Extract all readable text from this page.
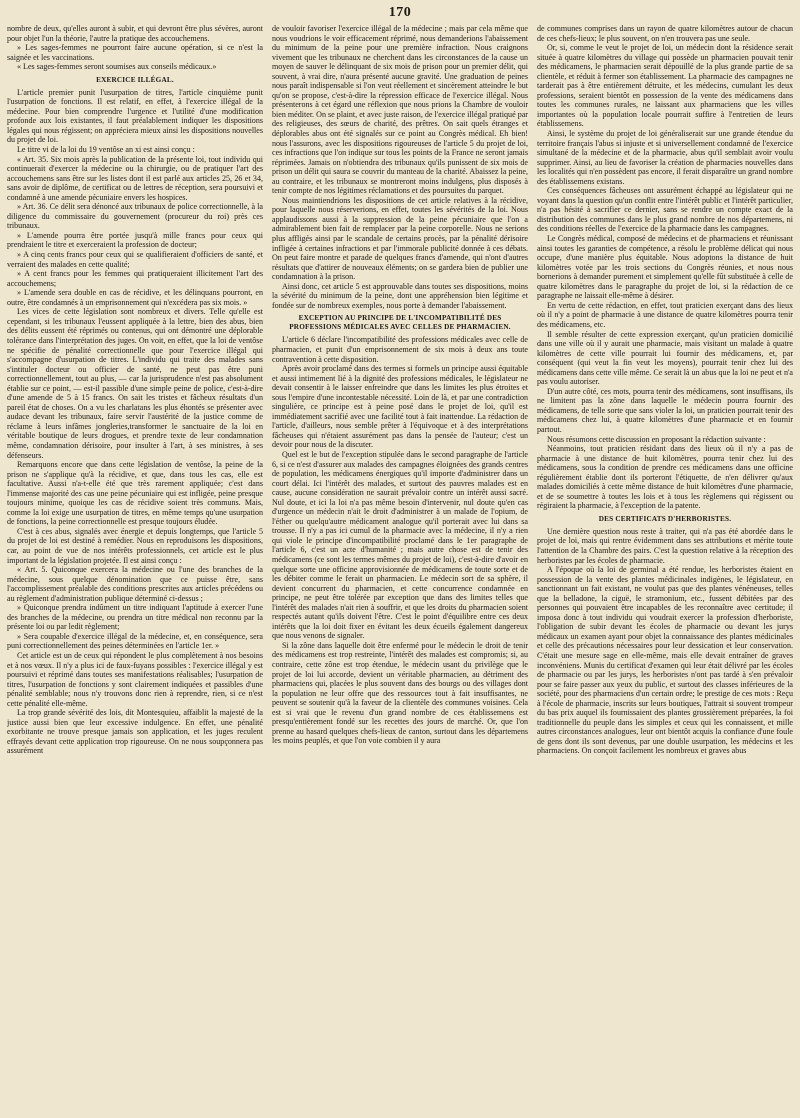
170

nombre de deux, qu'elles auront à subir, et qui devront être plus sévères, auront pour objet l'un la théorie, l'autre la pratique des accouchemens.

» Les sages-femmes ne pourront faire aucune opération, si ce n'est la saignée et les vaccinations.

« Les sages-femmes seront soumises aux conseils médicaux.»

EXERCICE ILLÉGAL.

L'article premier punit l'usurpation de titres, l'article cinquième punit l'usurpation de fonctions. Il est relatif, en effet, à l'exercice illégal de la médecine. Pour bien comprendre l'urgence et l'utilité d'une modification profonde aux lois existantes, il faut préalablement indiquer les dispositions légales qui nous régissent; on appréciera mieux ainsi les dispositions nouvelles du projet de loi.

Le titre vi de la loi du 19 ventôse an xi est ainsi conçu :

« Art. 35. Six mois après la publication de la présente loi, tout individu qui continuerait d'exercer la médecine ou la chirurgie, ou de pratiquer l'art des accouchemens sans être sur les listes dont il est parlé aux articles 25, 26 et 34, sans avoir de diplôme, de certificat ou de lettres de réception, sera poursuivi et condamné à une amende pécuniaire envers les hospices.

» Art. 36. Ce délit sera dénoncé aux tribunaux de police correctionnelle, à la diligence du commissaire du gouvernement (procureur du roi) près ces tribunaux.

» L'amende pourra être portée jusqu'à mille francs pour ceux qui prendraient le titre et exerceraient la profession de docteur;

» A cinq cents francs pour ceux qui se qualifieraient d'officiers de santé, et verraient des malades en cette qualité;

» A cent francs pour les femmes qui pratiqueraient illicitement l'art des accouchemens;

» L'amende sera double en cas de récidive, et les délinquans pourront, en outre, être condamnés à un emprisonnement qui n'excédera pas six mois. »

Les vices de cette législation sont nombreux et divers. Telle qu'elle est cependant, si les tribunaux l'eussent appliquée à la lettre, bien des abus, bien des délits eussent été réprimés ou contenus, qui ont démontré une déplorable tolérance dans l'interprétation des juges. On voit, en effet, que la loi de ventôse ne spécifie de pénalité correctionnelle que pour l'exercice illégal qui s'accompagne d'usurpation de titres. L'individu qui traite des malades sans s'intituler docteur ou officier de santé, ne peut pas être puni correctionnellement, tout au plus, — car la jurisprudence n'est pas absolument établie sur ce point, — est-il passible d'une simple peine de police, c'est-à-dire d'une amende de 5 à 15 francs. On sait les tristes et fâcheux résultats d'un pareil état de choses. On a vu les charlatans les plus éhontés se présenter avec audace devant les tribunaux, faire servir l'austérité de la justice comme de réclame à leurs infâmes jongleries,transformer le sanctuaire de la loi en véritable boutique de leurs drogues, et prendre texte de leur condamnation même, condamnation dérisoire, pour insulter à l'art, à ses ministres, à ses défenseurs.

Remarquons encore que dans cette législation de ventôse, la peine de la prison ne s'applique qu'à la récidive, et que, dans tous les cas, elle est facultative. Aussi n'a-t-elle été que très rarement appliquée; c'est dans l'immense majorité des cas une peine pécuniaire qui est infligée, peine presque toujours minime, quoique les cas de récidive soient très communs. Mais, comme la loi exige une usurpation de titres, en même temps qu'une usurpation de fonctions, la peine correctionnelle est presque toujours éludée.

C'est à ces abus, signalés avec énergie et depuis longtemps, que l'article 5 du projet de loi est destiné à remédier. Nous en reproduisons les dispositions, car, au point de vue de nos intérêts professionnels, cet article est le plus important de la législation projetée. Il est ainsi conçu :

« Art. 5. Quiconque exercera la médecine ou l'une des branches de la médecine, sous quelque dénomination que ce puisse être, sans l'accomplissement préalable des conditions prescrites aux articles précédens ou au règlement d'administration publique déterminé ci-dessus ;

» Quiconque prendra indûment un titre indiquant l'aptitude à exercer l'une des branches de la médecine, ou prendra un titre médical non reconnu par la présente loi ou par ledit règlement;

» Sera coupable d'exercice illégal de la médecine, et, en conséquence, sera puni correctionnellement des peines déterminées en l'article 1er. »

Cet article est un de ceux qui répondent le plus complètement à nos besoins et à nos vœux. Il n'y a plus ici de faux-fuyans possibles : l'exercice illégal y est poursuivi et réprimé dans toutes ses manifestations réalisables; l'usurpation de titres, l'usurpation de fonctions y sont clairement indiquées et passibles d'une pénalité semblable; nous n'y trouvons donc rien à reprendre, rien, si ce n'est cette pénalité elle-même.

La trop grande sévérité des lois, dit Montesquieu, affaiblit la majesté de la justice aussi bien que leur excessive indulgence. En effet, une pénalité exorbitante ne trouve presque jamais son application, et les juges reculent effrayés devant cette application trop rigoureuse. On ne nous soupçonnera pas assurément

de vouloir favoriser l'exercice illégal de la médecine ; mais par cela même que nous voudrions le voir efficacement réprimé, nous demanderions l'abaissement du minimum de la peine pour une première infraction. Nous craignons vivement que les tribunaux ne cherchent dans les circonstances de la cause un moyen de sauver le délinquant de six mois de prison pour un premier délit, qui souvent, à vrai dire, n'aura présenté aucune gravité. Une graduation de peines nous paraît indispensable si l'on veut réellement et sincèrement atteindre le but qu'on se propose, c'est-à-dire la répression efficace de l'exercice illégal. Nous présenterons à cet égard une réflexion que nous prions la Chambre de vouloir bien méditer. On se plaint, et avec juste raison, de l'exercice illégal pratiqué par des religieuses, des sœurs de charité, des prêtres. On sait quels étranges et déplorables abus ont été signalés sur ce point au Congrès médical. Eh bien! nous l'assurons, avec les dispositions rigoureuses de l'article 5 du projet de loi, ces infractions que l'on indique sur tous les points de la France ne seront jamais réprimées. Jamais on n'obtiendra des tribunaux qu'ils punissent de six mois de prison un délit qui saura se couvrir du manteau de la charité. Abaissez la peine, au contraire, et les tribunaux se montreront moins indulgens, plus disposés à tenir compte de nos légitimes réclamations et des poursuites du parquet.

Nous maintiendrions les dispositions de cet article relatives à la récidive, pour laquelle nous réserverions, en effet, toutes les sévérités de la loi. Nous applaudissons aussi à la suppression de la peine pécuniaire que l'on a admirablement bien fait de remplacer par la peine corporelle. Nous ne serions plus affligés ainsi par le scandale de certains procès, par la pénalité dérisoire infligée à certaines infractions et par l'immorale publicité donnée à ces débats. On peut faire montre et parade de quelques francs d'amende, qui n'ont d'autres résultats que d'attirer de nouveaux éléments; on se gardera bien de publier une condamnation à la prison.

Ainsi donc, cet article 5 est approuvable dans toutes ses dispositions, moins la sévérité du minimum de la peine, dont une appréhension bien légitime et fondée sur de nombreux exemples, nous porte à demander l'abaissement.

EXCEPTION AU PRINCIPE DE L'INCOMPATIBILITÉ DES PROFESSIONS MÉDICALES AVEC CELLES DE PHARMACIEN.

L'article 6 déclare l'incompatibilité des professions médicales avec celle de pharmacien, et punit d'un emprisonnement de six mois à deux ans toute contravention à cette disposition.

Après avoir proclamé dans des termes si formels un principe aussi équitable et aussi intimement lié à la dignité des professions médicales, le législateur ne devait consentir à le laisser enfreindre que dans les limites les plus étroites et sous l'empire d'une incontestable nécessité. Loin de là, et par une contradiction singulière, ce principe est à peine posé dans le projet de loi, qu'il est immédiatement sacrifié avec une facilité tout à fait inattendue. La rédaction de l'article, d'ailleurs, nous semble prêter à l'équivoque et à des interprétations fâcheuses qui n'étaient assurément pas dans la pensée de l'auteur; c'est un devoir pour nous de la discuter.

Quel est le but de l'exception stipulée dans le second paragraphe de l'article 6, si ce n'est d'assurer aux malades des campagnes éloignées des grands centres de population, les médicamens énergiques qu'il importe d'administrer dans un court délai. Ici l'intérêt des malades, et surtout des pauvres malades est en cause, aucune considération ne saurait prévaloir contre un intérêt aussi sacré. Nul doute, et ici la loi n'a pas même besoin d'intervenir, nul doute qu'en cas d'urgence un médecin n'ait le droit d'administrer à un malade de l'opium, de l'éther ou quelqu'autre médicament analogue qu'il porterait avec lui dans sa trousse. Il n'y a pas ici cumul de la pharmacie avec la médecine, il n'y a rien qui viole le principe d'incompatibilité proclamé dans le 1er paragraphe de l'article 6, c'est un acte d'humanité ; mais autre chose est de tenir des médicamens (ce sont les termes mêmes du projet de loi), c'est-à-dire d'avoir en quelque sorte une officine approvisionnée de médicamens de toute sorte et de les débiter comme le ferait un pharmacien. Le médecin sort de sa sphère, il devient concurrent du pharmacien, et cette concurrence condamnée en principe, ne peut être tolérée par exception que dans des limites telles que l'intérêt des malades n'ait rien à souffrir, et que les droits du pharmacien soient respectés autant qu'ils doivent l'être. C'est le point d'équilibre entre ces deux intérêts que la loi doit fixer en évitant les deux écueils également dangereux que nous venons de signaler.

Si la zône dans laquelle doit être enfermé pour le médecin le droit de tenir des médicamens est trop restreinte, l'intérêt des malades est compromis; si, au contraire, cette zône est trop étendue, le médecin usant du privilège que le projet de loi lui accorde, devient un véritable pharmacien, au détriment des pharmaciens qui, placées le plus souvent dans des bourgs ou des villages dont la population ne leur offre que des ressources tout à fait insuffisantes, ne peuvent se soutenir qu'à la faveur de la clientèle des communes voisines. Cela est si vrai que le revenu d'un grand nombre de ces établissemens est presqu'entièrement fondé sur les recettes des jours de marché. Or, que l'on prenne au hasard quelques chefs-lieux de canton, surtout dans les départemens les moins peuplés, et que l'on voie combien il y aura

de communes comprises dans un rayon de quatre kilomètres autour de chacun de ces chefs-lieux; le plus souvent, on n'en trouvera pas une seule.

Or, si, comme le veut le projet de loi, un médecin dont la résidence serait située à quatre kilomètres du village qui possède un pharmacien pouvait tenir des médicamens, le pharmacien serait dépouillé de la plus grande partie de sa clientèle, et réduit à fermer son établissement. La pharmacie des campagnes ne tarderait pas à être entièrement détruite, et les médecins, cumulant les deux professions, seraient bientôt en possession de la vente des médicamens dans toutes les communes rurales, ne laissant aux pharmaciens que les villes importantes où la population locale pourrait suffire à l'entretien de leurs établissemens.

Ainsi, le système du projet de loi généraliserait sur une grande étendue du territoire français l'abus si injuste et si universellement condamné de l'exercice simultané de la médecine et de la pharmacie, abus qu'il semblait avoir voulu supprimer. Ainsi, au lieu de favoriser la création de pharmacies nouvelles dans les localités qui n'en possèdent pas encore, il ferait disparaître un grand nombre des établissemens existans.

Ces conséquences fâcheuses ont assurément échappé au législateur qui ne voyant dans la question qu'un conflit entre l'intérêt public et l'intérêt particulier, n'a pas hésité à sacrifier ce dernier, sans se rendre un compte exact de la distribution des communes dans le plus grand nombre de nos départemens, ni des conditions réelles de l'exercice de la pharmacie dans les campagnes.

Le Congrès médical, composé de médecins et de pharmaciens et réunissant ainsi toutes les garanties de compétence, a résolu le problème délicat qui nous occupe, d'une manière plus équitable. Nous adoptons la distance de huit kilomètres votée par les trois sections du Congrès réunies, et nous nous bornerions à demander purement et simplement qu'elle fût substituée à celle de quatre kilomètres dans le paragraphe du projet de loi, si la rédaction de ce paragraphe ne laissait elle-même à désirer.

En vertu de cette rédaction, en effet, tout praticien exerçant dans des lieux où il n'y a point de pharmacie à une distance de quatre kilomètres pourra tenir des médicamens, etc.

Il semble résulter de cette expression exerçant, qu'un praticien domicilié dans une ville où il y aurait une pharmacie, mais visitant un malade à quatre kilomètres de cette ville pourrait lui fournir des médicamens, et, par conséquent (qui veut la fin veut les moyens), pourrait tenir chez lui des médicamens dans cette ville même. Ce serait là un abus que la loi ne peut et n'a pas voulu autoriser.

D'un autre côté, ces mots, pourra tenir des médicamens, sont insuffisans, ils ne limitent pas la zône dans laquelle le médecin pourra fournir des médicamens, de telle sorte que sans violer la loi, un praticien pourrait tenir des médicamens chez lui, à quatre kilomètres d'une pharmacie et en fournir partout.

Nous résumons cette discussion en proposant la rédaction suivante :

Néanmoins, tout praticien résidant dans des lieux où il n'y a pas de pharmacie à une distance de huit kilomètres, pourra tenir chez lui des médicamens, sous la condition de prendre ces médicamens dans une officine régulièrement établie dont ils porteront l'étiquette, de n'en délivrer qu'aux malades domiciliés à cette même distance de huit kilomètres d'une pharmacie, et de se soumettre à toutes les lois et à tous les règlemens qui régissent ou régiraient la pharmacie, à l'exception de la patente.

DES CERTIFICATS D'HERBORISTES.

Une dernière question nous reste à traiter, qui n'a pas été abordée dans le projet de loi, mais qui rentre évidemment dans ses attributions et mérite toute l'attention de la Chambre des pairs. C'est la question relative à la réception des herboristes par les écoles de pharmacie.

A l'époque où la loi de germinal a été rendue, les herboristes étaient en possession de la vente des plantes médicinales indigènes, le législateur, en sanctionnant un fait existant, ne voulut pas que des plantes vénéneuses, telles que la belladone, la ciguë, le stramonium, etc., fussent débitées par des personnes qui pouvaient être incapables de les reconnaître avec certitude; il imposa donc à tout individu qui voudrait exercer la profession d'herboriste, l'obligation de subir devant les écoles de pharmacie ou devant les jurys médicaux un examen ayant pour objet la connaissance des plantes médicinales et celle des précautions nécessaires pour leur dessication et leur conservation. C'était une mesure sage en elle-même, mais elle devait entraîner de graves inconvéniens. Munis du certificat d'examen qui leur était délivré par les écoles de pharmacie ou par les jurys, les herboristes n'ont pas tardé à s'en prévaloir pour se faire passer aux yeux du public, et surtout des classes inférieures de la société, pour des pharmaciens d'un certain ordre; le prestige de ces mots : Reçu à l'école de pharmacie, inscrits sur leurs boutiques, l'attrait si souvent trompeur du bas prix auquel ils fournissaient des plantes grossièrement préparées, la foi traditionnelle du peuple dans les simples et ceux qui les connaissent, et mille autres circonstances analogues, leur ont bientôt acquis la confiance d'une foule de gens dont ils sont devenus, par une double usurpation, les médecins et les pharmaciens. On conçoit facilement les nombreux et graves abus
